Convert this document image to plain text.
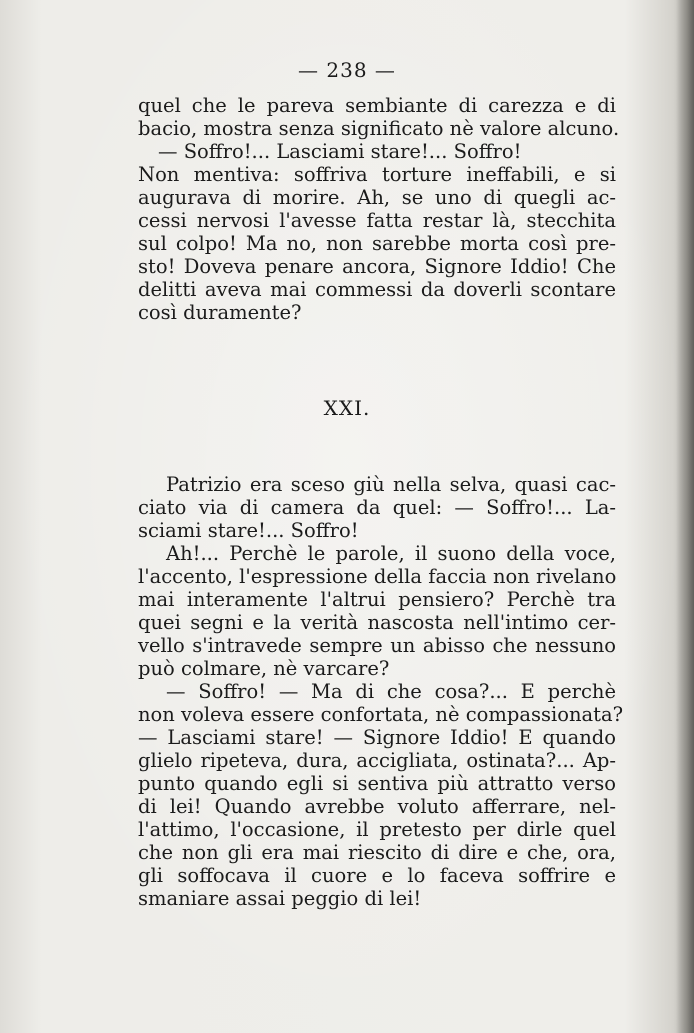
— 238 —
quel che le pareva sembiante di carezza e di
bacio, mostra senza significato nè valore alcuno.
— Soffro!... Lasciami stare!... Soffro!
Non mentiva: soffriva torture ineffabili, e si
augurava di morire. Ah, se uno di quegli ac-
cessi nervosi l'avesse fatta restar là, stecchita
sul colpo! Ma no, non sarebbe morta così pre-
sto! Doveva penare ancora, Signore Iddio! Che
delitti aveva mai commessi da doverli scontare
così duramente?
XXI.
Patrizio era sceso giù nella selva, quasi cac-
ciato via di camera da quel: — Soffro!... La-
sciami stare!... Soffro!
Ah!... Perchè le parole, il suono della voce,
l'accento, l'espressione della faccia non rivelano
mai interamente l'altrui pensiero? Perchè tra
quei segni e la verità nascosta nell'intimo cer-
vello s'intravede sempre un abisso che nessuno
può colmare, nè varcare?
— Soffro! — Ma di che cosa?... E perchè
non voleva essere confortata, nè compassionata?
— Lasciami stare! — Signore Iddio! E quando
glielo ripeteva, dura, accigliata, ostinata?... Ap-
punto quando egli si sentiva più attratto verso
di lei! Quando avrebbe voluto afferrare, nel-
l'attimo, l'occasione, il pretesto per dirle quel
che non gli era mai riescito di dire e che, ora,
gli soffocava il cuore e lo faceva soffrire e
smaniare assai peggio di lei!
